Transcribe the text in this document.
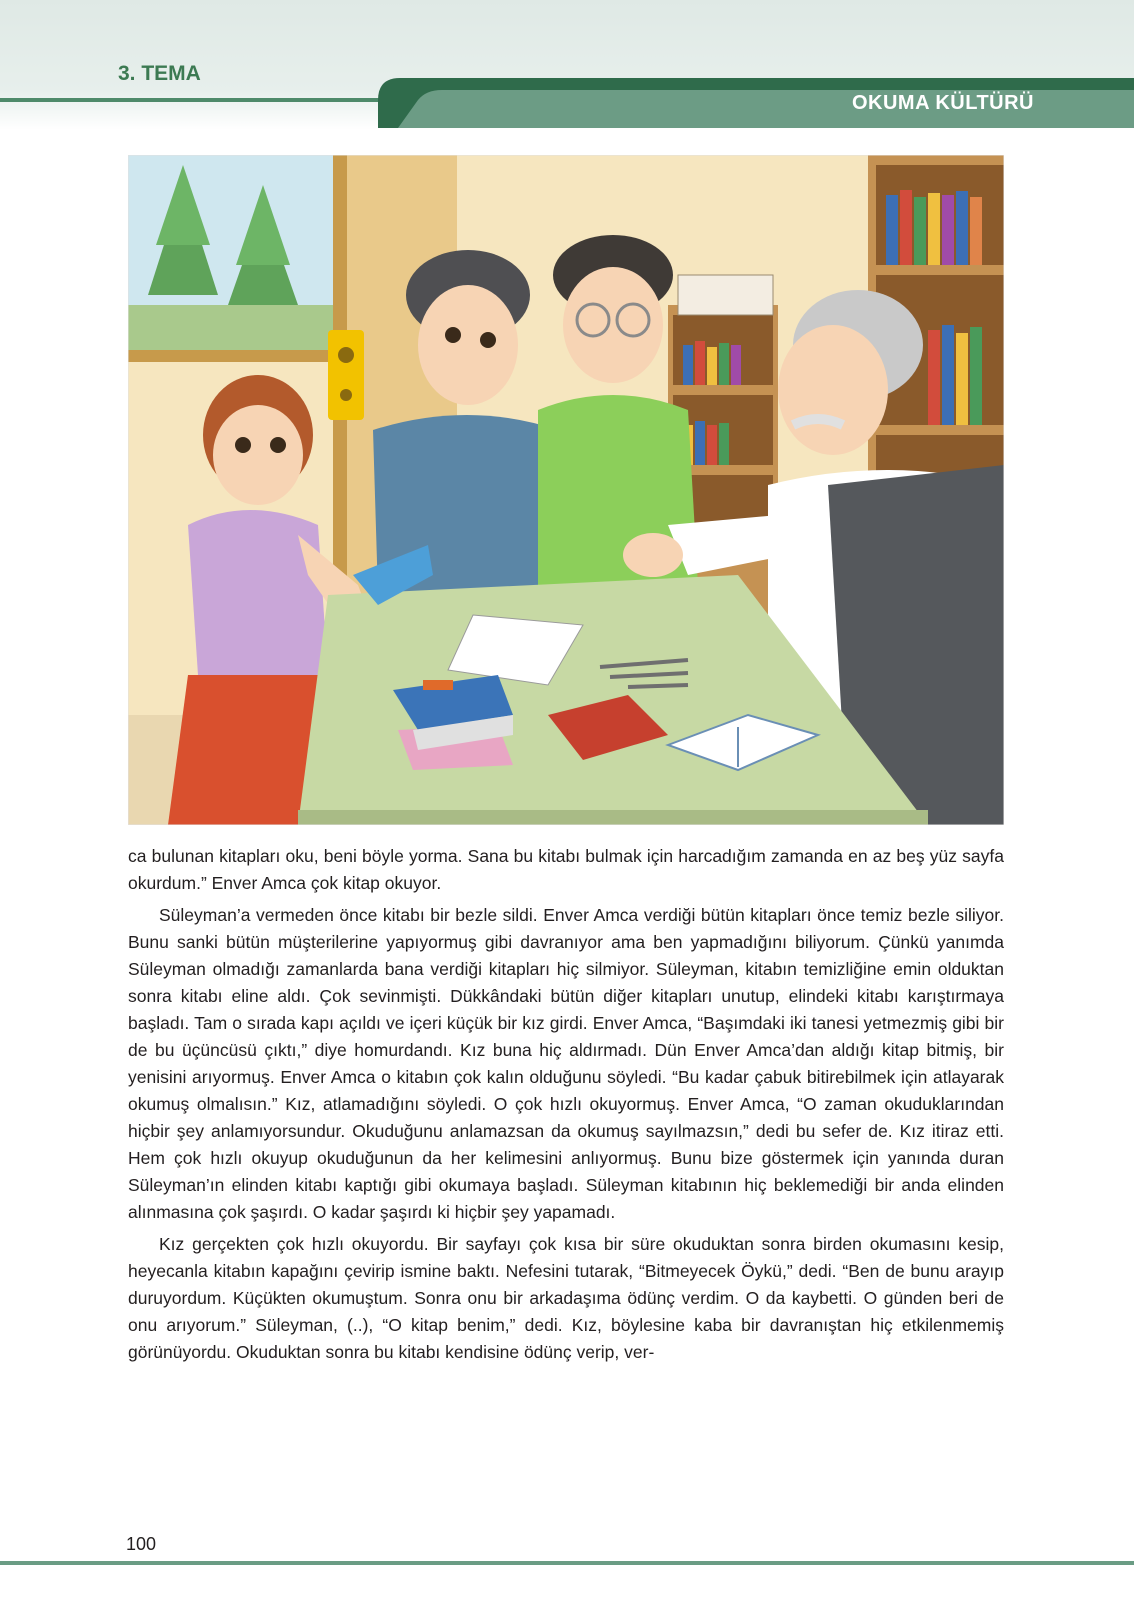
3. TEMA
OKUMA KÜLTÜRÜ

ca bulunan kitapları oku, beni böyle yorma. Sana bu kitabı bulmak için harcadığım zamanda en az beş yüz sayfa okurdum.” Enver Amca çok kitap okuyor.

Süleyman’a vermeden önce kitabı bir bezle sildi. Enver Amca verdiği bütün kitapları önce temiz bezle siliyor. Bunu sanki bütün müşterilerine yapıyormuş gibi davranıyor ama ben yapmadığını biliyorum. Çünkü yanımda Süleyman olmadığı zamanlarda bana verdiği kitapları hiç silmiyor. Süleyman, kitabın temizliğine emin olduktan sonra kitabı eline aldı. Çok sevinmişti. Dükkândaki bütün diğer kitapları unutup, elindeki kitabı karıştırmaya başladı. Tam o sırada kapı açıldı ve içeri küçük bir kız girdi. Enver Amca, “Başımdaki iki tanesi yetmezmiş gibi bir de bu üçüncüsü çıktı,” diye homurdandı. Kız buna hiç aldırmadı. Dün Enver Amca’dan aldığı kitap bitmiş, bir yenisini arıyormuş. Enver Amca o kitabın çok kalın olduğunu söyledi. “Bu kadar çabuk bitirebilmek için atlayarak okumuş olmalısın.” Kız, atlamadığını söyledi. O çok hızlı okuyormuş. Enver Amca, “O zaman okuduklarından hiçbir şey anlamıyorsundur. Okuduğunu anlamazsan da okumuş sayılmazsın,” dedi bu sefer de. Kız itiraz etti. Hem çok hızlı okuyup okuduğunun da her kelimesini anlıyormuş. Bunu bize göstermek için yanında duran Süleyman’ın elinden kitabı kaptığı gibi okumaya başladı. Süleyman kitabının hiç beklemediği bir anda elinden alınmasına çok şaşırdı. O kadar şaşırdı ki hiçbir şey yapamadı.

Kız gerçekten çok hızlı okuyordu. Bir sayfayı çok kısa bir süre okuduktan sonra birden okumasını kesip, heyecanla kitabın kapağını çevirip ismine baktı. Nefesini tutarak, “Bitmeyecek Öykü,” dedi. “Ben de bunu arayıp duruyordum. Küçükten okumuştum. Sonra onu bir arkadaşıma ödünç verdim. O da kaybetti. O günden beri de onu arıyorum.” Süleyman, (..), “O kitap benim,” dedi. Kız, böylesine kaba bir davranıştan hiç etkilenmemiş görünüyordu. Okuduktan sonra bu kitabı kendisine ödünç verip, ver-

100
